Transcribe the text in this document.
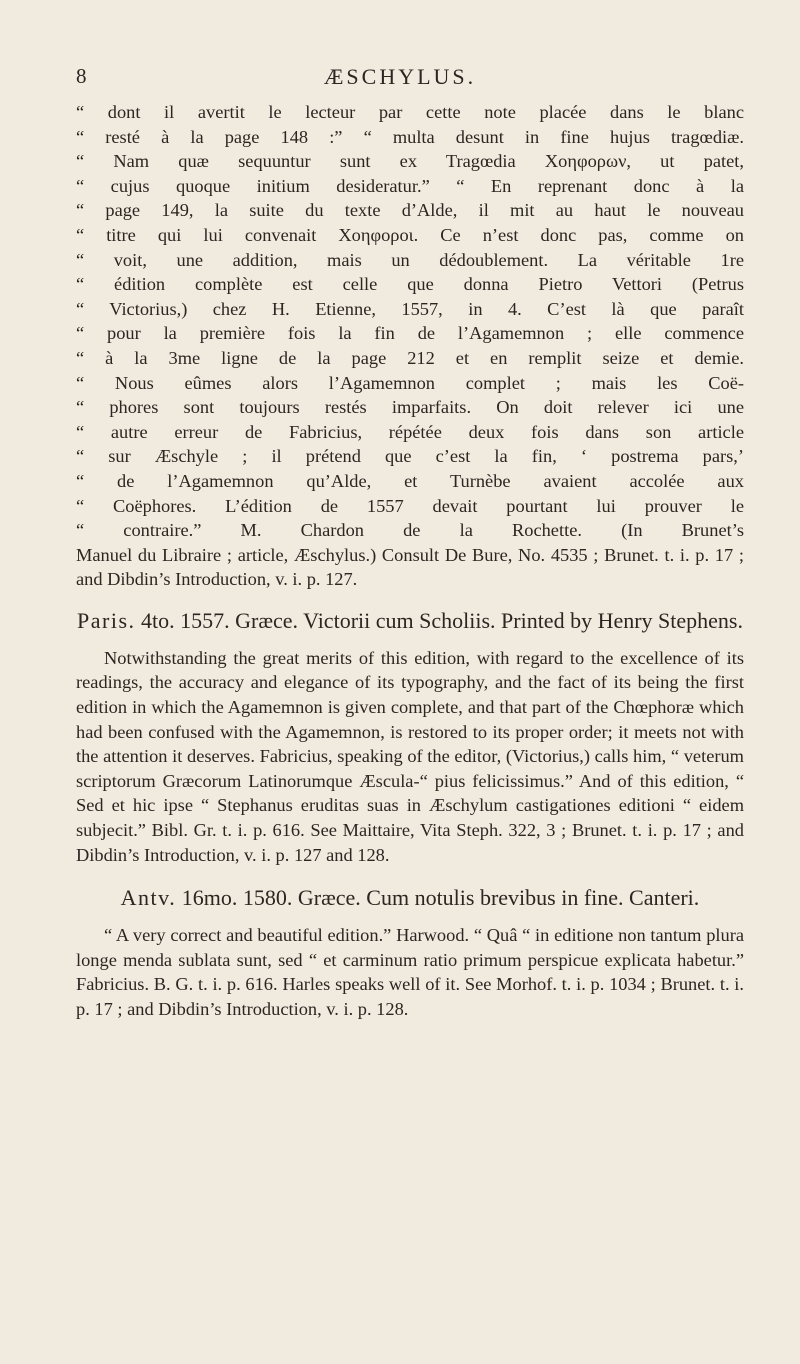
8	ÆSCHYLUS.
“ dont il avertit le lecteur par cette note placée dans le blanc
“ resté à la page 148 :” “ multa desunt in fine hujus tragœdiæ.
“ Nam quæ sequuntur sunt ex Tragœdia Χοηφορων, ut patet,
“ cujus quoque initium desideratur.” “ En reprenant donc à la
“ page 149, la suite du texte d’Alde, il mit au haut le nouveau
“ titre qui lui convenait Χοηφοροι. Ce n’est donc pas, comme on
“ voit, une addition, mais un dédoublement. La véritable 1re
“ édition complète est celle que donna Pietro Vettori (Petrus
“ Victorius,) chez H. Etienne, 1557, in 4. C’est là que paraît
“ pour la première fois la fin de l’Agamemnon ; elle commence
“ à la 3me ligne de la page 212 et en remplit seize et demie.
“ Nous eûmes alors l’Agamemnon complet ; mais les Coë-
“ phores sont toujours restés imparfaits. On doit relever ici une
“ autre erreur de Fabricius, répétée deux fois dans son article
“ sur Æschyle ; il prétend que c’est la fin, ‘ postrema pars,’
“ de l’Agamemnon qu’Alde, et Turnèbe avaient accolée aux
“ Coëphores. L’édition de 1557 devait pourtant lui prouver le
“ contraire.” M. Chardon de la Rochette. (In Brunet’s

Manuel du Libraire ; article, Æschylus.) Consult De Bure, No. 4535 ; Brunet. t. i. p. 17 ; and Dibdin’s Introduction, v. i. p. 127.

Paris. 4to. 1557. Græce. Victorii cum Scholiis. Printed by Henry Stephens.

Notwithstanding the great merits of this edition, with regard to the excellence of its readings, the accuracy and elegance of its typography, and the fact of its being the first edition in which the Agamemnon is given complete, and that part of the Chœphoræ which had been confused with the Agamemnon, is restored to its proper order; it meets not with the attention it deserves. Fabricius, speaking of the editor, (Victorius,) calls him, “ veterum scriptorum Græcorum Latinorumque Æscula-“ pius felicissimus.” And of this edition, “ Sed et hic ipse “ Stephanus eruditas suas in Æschylum castigationes editioni “ eidem subjecit.” Bibl. Gr. t. i. p. 616. See Maittaire, Vita Steph. 322, 3 ; Brunet. t. i. p. 17 ; and Dibdin’s Introduction, v. i. p. 127 and 128.

Antv. 16mo. 1580. Græce. Cum notulis brevibus in fine. Canteri.

“ A very correct and beautiful edition.” Harwood. “ Quâ “ in editione non tantum plura longe menda sublata sunt, sed “ et carminum ratio primum perspicue explicata habetur.” Fabricius. B. G. t. i. p. 616. Harles speaks well of it. See Morhof. t. i. p. 1034 ; Brunet. t. i. p. 17 ; and Dibdin’s Introduction, v. i. p. 128.
